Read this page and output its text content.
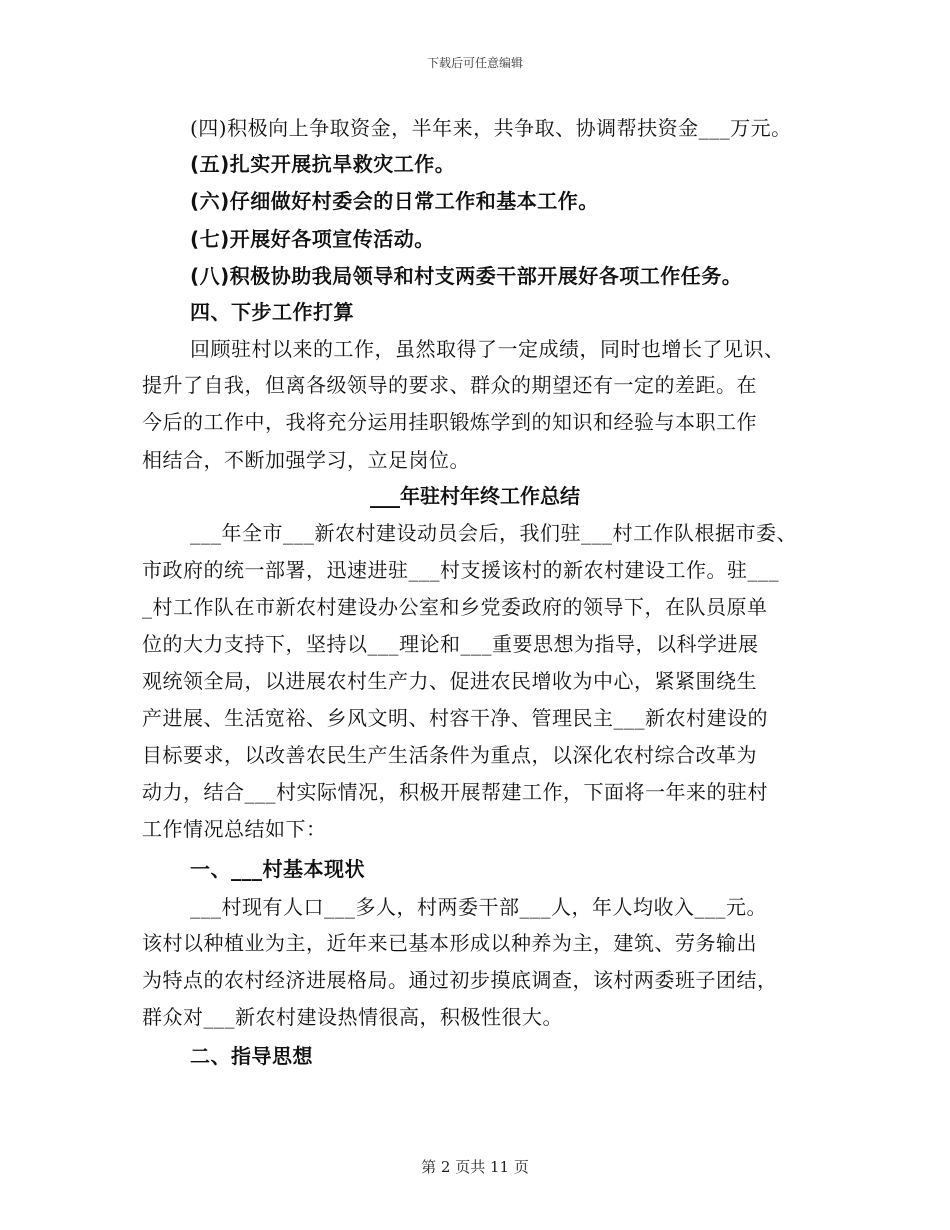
下载后可任意编辑
(四)积极向上争取资金，半年来，共争取、协调帮扶资金___万元。
(五)扎实开展抗旱救灾工作。
(六)仔细做好村委会的日常工作和基本工作。
(七)开展好各项宣传活动。
(八)积极协助我局领导和村支两委干部开展好各项工作任务。
四、下步工作打算
回顾驻村以来的工作，虽然取得了一定成绩，同时也增长了见识、
提升了自我，但离各级领导的要求、群众的期望还有一定的差距。在
今后的工作中，我将充分运用挂职锻炼学到的知识和经验与本职工作
相结合，不断加强学习，立足岗位。
___年驻村年终工作总结
___年全市___新农村建设动员会后，我们驻___村工作队根据市委、
市政府的统一部署，迅速进驻___村支援该村的新农村建设工作。驻___
_村工作队在市新农村建设办公室和乡党委政府的领导下，在队员原单
位的大力支持下，坚持以___理论和___重要思想为指导，以科学进展
观统领全局，以进展农村生产力、促进农民增收为中心，紧紧围绕生
产进展、生活宽裕、乡风文明、村容干净、管理民主___新农村建设的
目标要求，以改善农民生产生活条件为重点，以深化农村综合改革为
动力，结合___村实际情况，积极开展帮建工作，下面将一年来的驻村
工作情况总结如下：
一、___村基本现状
___村现有人口___多人，村两委干部___人，年人均收入___元。
该村以种植业为主，近年来已基本形成以种养为主，建筑、劳务输出
为特点的农村经济进展格局。通过初步摸底调查，该村两委班子团结，
群众对___新农村建设热情很高，积极性很大。
二、指导思想
第 2 页共 11 页
